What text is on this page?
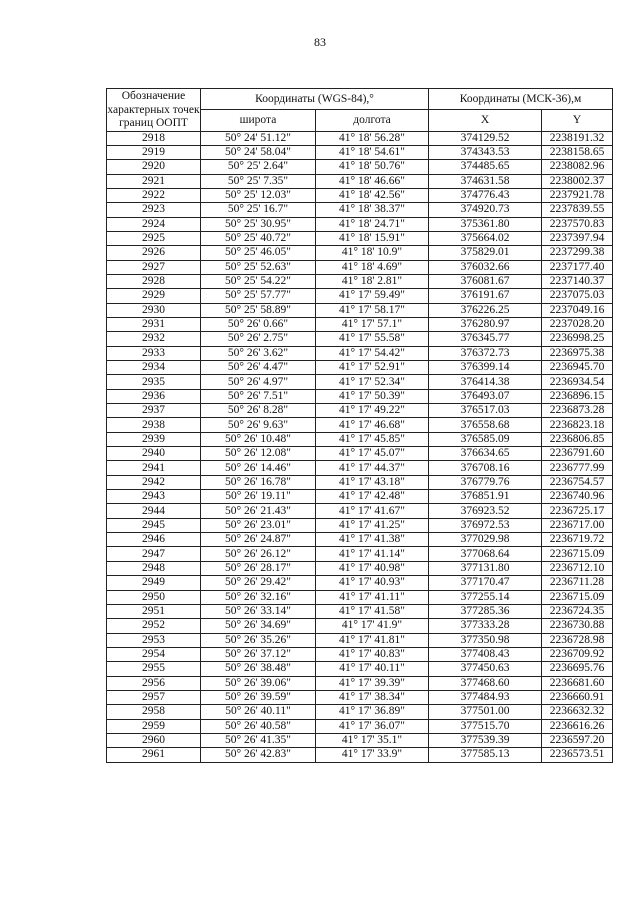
83
Обозначение характерных точек границ ООПТ	Координаты (WGS-84),°		Координаты (МСК-36),м	
	широта	долгота	X	Y
2918	50° 24' 51.12"	41° 18' 56.28"	374129.52	2238191.32
2919	50° 24' 58.04"	41° 18' 54.61"	374343.53	2238158.65
2920	50° 25' 2.64"	41° 18' 50.76"	374485.65	2238082.96
2921	50° 25' 7.35"	41° 18' 46.66"	374631.58	2238002.37
2922	50° 25' 12.03"	41° 18' 42.56"	374776.43	2237921.78
2923	50° 25' 16.7"	41° 18' 38.37"	374920.73	2237839.55
2924	50° 25' 30.95"	41° 18' 24.71"	375361.80	2237570.83
2925	50° 25' 40.72"	41° 18' 15.91"	375664.02	2237397.94
2926	50° 25' 46.05"	41° 18' 10.9"	375829.01	2237299.38
2927	50° 25' 52.63"	41° 18' 4.69"	376032.66	2237177.40
2928	50° 25' 54.22"	41° 18' 2.81"	376081.67	2237140.37
2929	50° 25' 57.77"	41° 17' 59.49"	376191.67	2237075.03
2930	50° 25' 58.89"	41° 17' 58.17"	376226.25	2237049.16
2931	50° 26' 0.66"	41° 17' 57.1"	376280.97	2237028.20
2932	50° 26' 2.75"	41° 17' 55.58"	376345.77	2236998.25
2933	50° 26' 3.62"	41° 17' 54.42"	376372.73	2236975.38
2934	50° 26' 4.47"	41° 17' 52.91"	376399.14	2236945.70
2935	50° 26' 4.97"	41° 17' 52.34"	376414.38	2236934.54
2936	50° 26' 7.51"	41° 17' 50.39"	376493.07	2236896.15
2937	50° 26' 8.28"	41° 17' 49.22"	376517.03	2236873.28
2938	50° 26' 9.63"	41° 17' 46.68"	376558.68	2236823.18
2939	50° 26' 10.48"	41° 17' 45.85"	376585.09	2236806.85
2940	50° 26' 12.08"	41° 17' 45.07"	376634.65	2236791.60
2941	50° 26' 14.46"	41° 17' 44.37"	376708.16	2236777.99
2942	50° 26' 16.78"	41° 17' 43.18"	376779.76	2236754.57
2943	50° 26' 19.11"	41° 17' 42.48"	376851.91	2236740.96
2944	50° 26' 21.43"	41° 17' 41.67"	376923.52	2236725.17
2945	50° 26' 23.01"	41° 17' 41.25"	376972.53	2236717.00
2946	50° 26' 24.87"	41° 17' 41.38"	377029.98	2236719.72
2947	50° 26' 26.12"	41° 17' 41.14"	377068.64	2236715.09
2948	50° 26' 28.17"	41° 17' 40.98"	377131.80	2236712.10
2949	50° 26' 29.42"	41° 17' 40.93"	377170.47	2236711.28
2950	50° 26' 32.16"	41° 17' 41.11"	377255.14	2236715.09
2951	50° 26' 33.14"	41° 17' 41.58"	377285.36	2236724.35
2952	50° 26' 34.69"	41° 17' 41.9"	377333.28	2236730.88
2953	50° 26' 35.26"	41° 17' 41.81"	377350.98	2236728.98
2954	50° 26' 37.12"	41° 17' 40.83"	377408.43	2236709.92
2955	50° 26' 38.48"	41° 17' 40.11"	377450.63	2236695.76
2956	50° 26' 39.06"	41° 17' 39.39"	377468.60	2236681.60
2957	50° 26' 39.59"	41° 17' 38.34"	377484.93	2236660.91
2958	50° 26' 40.11"	41° 17' 36.89"	377501.00	2236632.32
2959	50° 26' 40.58"	41° 17' 36.07"	377515.70	2236616.26
2960	50° 26' 41.35"	41° 17' 35.1"	377539.39	2236597.20
2961	50° 26' 42.83"	41° 17' 33.9"	377585.13	2236573.51
